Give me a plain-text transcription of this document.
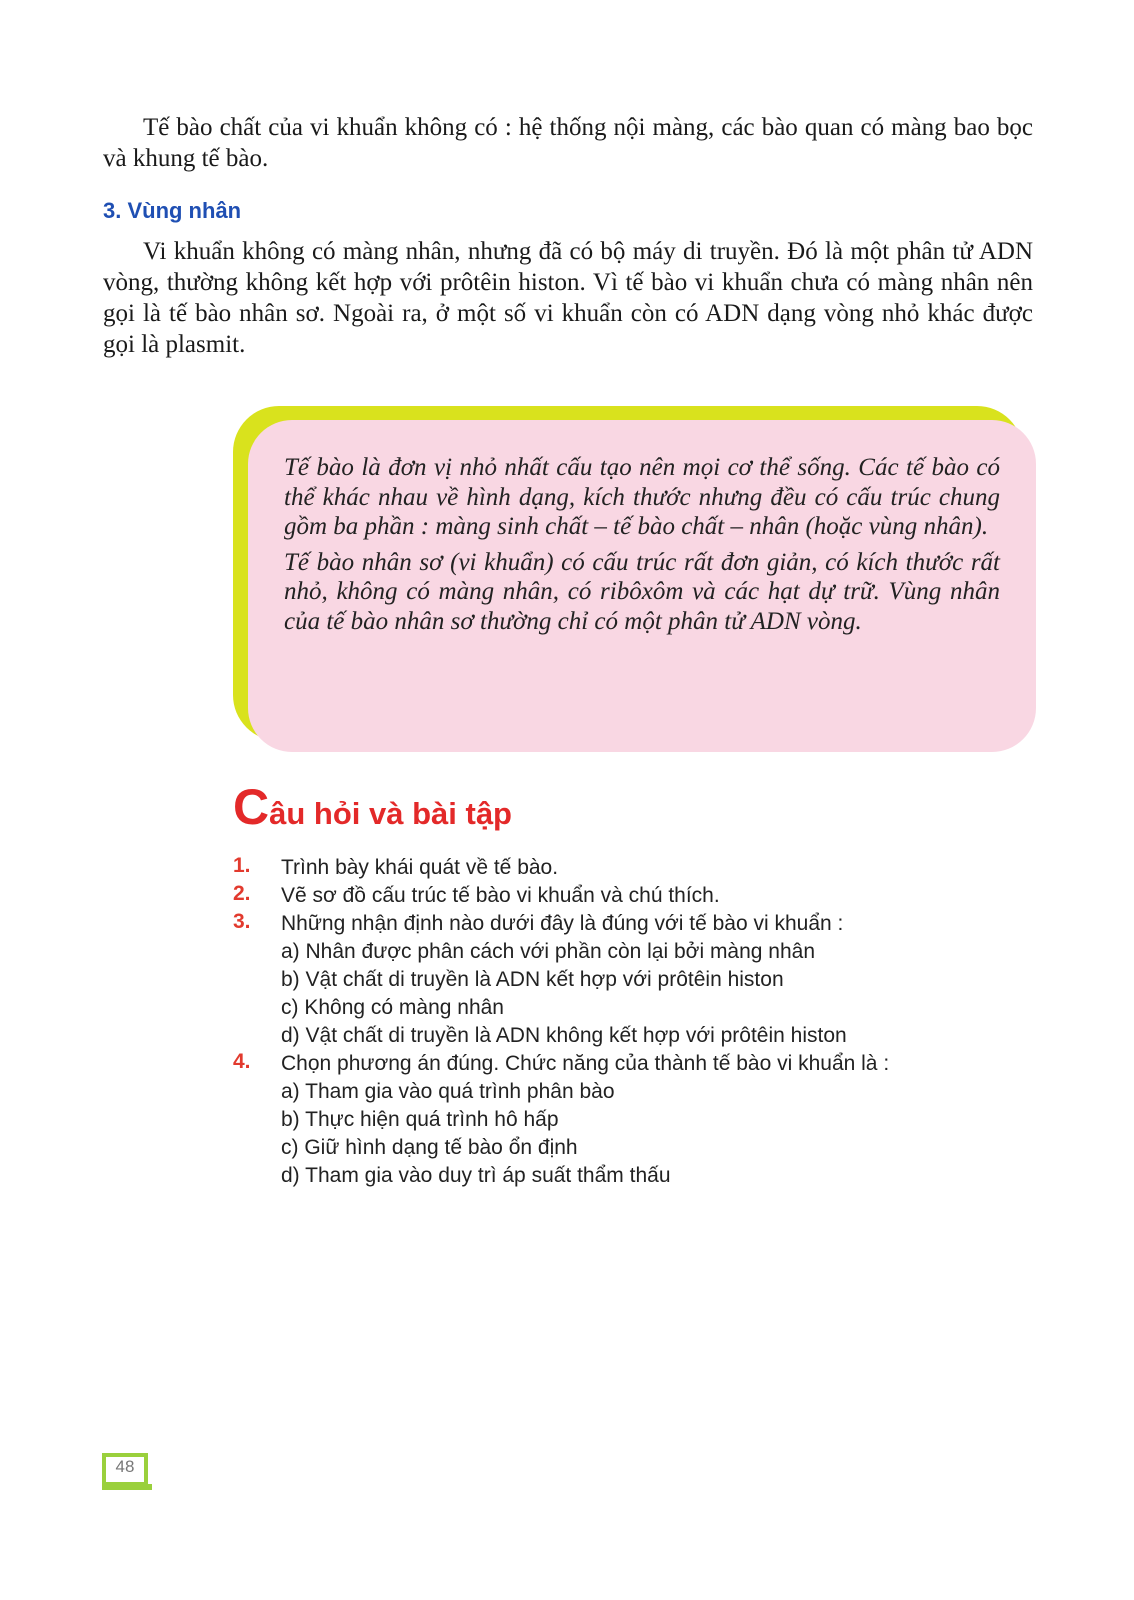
Tế bào chất của vi khuẩn không có : hệ thống nội màng, các bào quan có màng bao bọc và khung tế bào.

3. Vùng nhân

Vi khuẩn không có màng nhân, nhưng đã có bộ máy di truyền. Đó là một phân tử ADN vòng, thường không kết hợp với prôtêin histon. Vì tế bào vi khuẩn chưa có màng nhân nên gọi là tế bào nhân sơ. Ngoài ra, ở một số vi khuẩn còn có ADN dạng vòng nhỏ khác được gọi là plasmit.

Tế bào là đơn vị nhỏ nhất cấu tạo nên mọi cơ thể sống. Các tế bào có thể khác nhau về hình dạng, kích thước nhưng đều có cấu trúc chung gồm ba phần : màng sinh chất – tế bào chất – nhân (hoặc vùng nhân).

Tế bào nhân sơ (vi khuẩn) có cấu trúc rất đơn giản, có kích thước rất nhỏ, không có màng nhân, có ribôxôm và các hạt dự trữ. Vùng nhân của tế bào nhân sơ thường chỉ có một phân tử ADN vòng.

Câu hỏi và bài tập
1.	Trình bày khái quát về tế bào.
2.	Vẽ sơ đồ cấu trúc tế bào vi khuẩn và chú thích.
3.	Những nhận định nào dưới đây là đúng với tế bào vi khuẩn :
a) Nhân được phân cách với phần còn lại bởi màng nhân
b) Vật chất di truyền là ADN kết hợp với prôtêin histon
c) Không có màng nhân
d) Vật chất di truyền là ADN không kết hợp với prôtêin histon
4.	Chọn phương án đúng. Chức năng của thành tế bào vi khuẩn là :
a) Tham gia vào quá trình phân bào
b) Thực hiện quá trình hô hấp
c) Giữ hình dạng tế bào ổn định
d) Tham gia vào duy trì áp suất thẩm thấu
48
